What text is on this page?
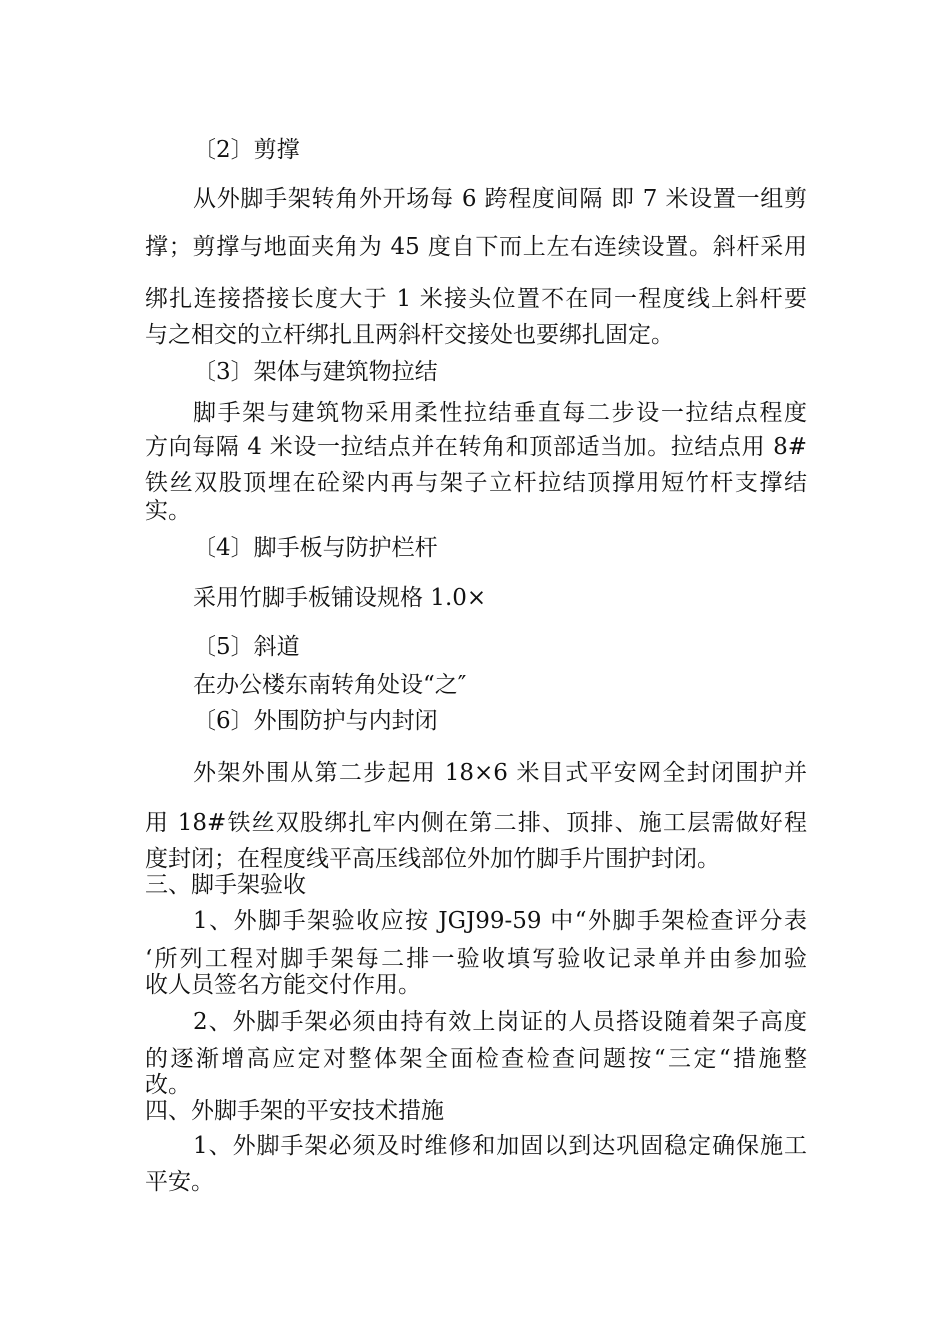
〔2〕剪撑
从外脚手架转角外开场每 6 跨程度间隔 即 7 米设置一组剪
撑；剪撑与地面夹角为 45 度自下而上左右连续设置。斜杆采用
绑扎连接搭接长度大于 1 米接头位置不在同一程度线上斜杆要
与之相交的立杆绑扎且两斜杆交接处也要绑扎固定。
〔3〕架体与建筑物拉结
脚手架与建筑物采用柔性拉结垂直每二步设一拉结点程度
方向每隔 4 米设一拉结点并在转角和顶部适当加。拉结点用 8#
铁丝双股顶埋在砼梁内再与架子立杆拉结顶撑用短竹杆支撑结
实。
〔4〕脚手板与防护栏杆
采用竹脚手板铺设规格 1.0×
〔5〕斜道
在办公楼东南转角处设“之″
〔6〕外围防护与内封闭
外架外围从第二步起用 18×6 米目式平安网全封闭围护并
用 18#铁丝双股绑扎牢内侧在第二排、顶排、施工层需做好程
度封闭；在程度线平高压线部位外加竹脚手片围护封闭。
三、脚手架验收
1、外脚手架验收应按 JGJ99-59 中“外脚手架检查评分表
‘所列工程对脚手架每二排一验收填写验收记录单并由参加验
收人员签名方能交付作用。
2、外脚手架必须由持有效上岗证的人员搭设随着架子高度
的逐渐增高应定对整体架全面检查检查问题按“三定“措施整
改。
四、外脚手架的平安技术措施
1、外脚手架必须及时维修和加固以到达巩固稳定确保施工
平安。
